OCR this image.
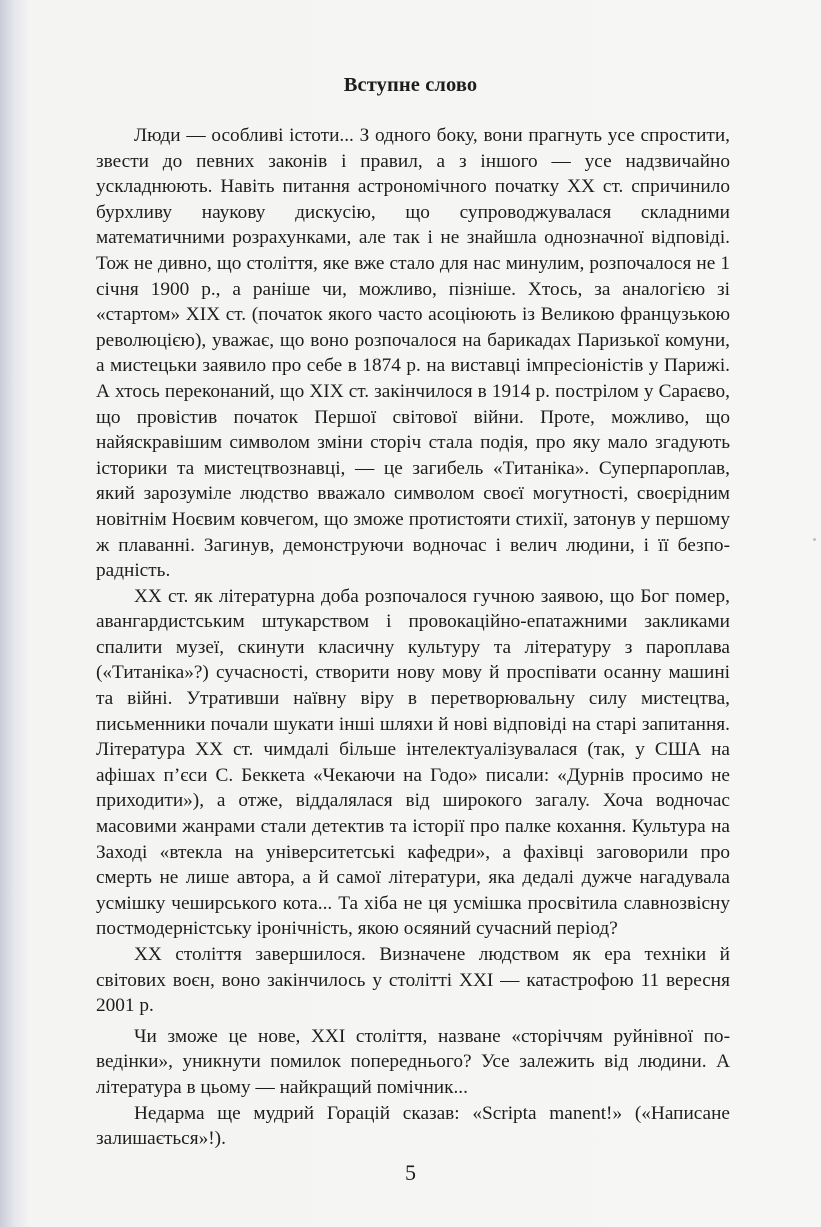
Вступне слово

Люди — особливі істоти... З одного боку, вони прагнуть усе спростити, звести до певних законів і правил, а з іншого — усе надзвичайно ускладнюють. Навіть питання астрономічного початку XX ст. спричинило бурхливу наукову дискусію, що супроводжувалася складними математичними розрахунками, але так і не знайшла однозначної відповіді. Тож не дивно, що століття, яке вже стало для нас минулим, розпочалося не 1 січня 1900 р., а раніше чи, можливо, пізніше. Хтось, за аналогією зі «стартом» XIX ст. (початок якого часто асоціюють із Великою французькою революцією), уважає, що воно розпочалося на барикадах Паризької комуни, а мистецьки заявило про себе в 1874 р. на виставці імпресіоністів у Парижі. А хтось переконаний, що XIX ст. закінчилося в 1914 р. пострілом у Сараєво, що провістив початок Першої світової війни. Проте, можливо, що найяскравішим символом зміни сторіч стала подія, про яку мало згадують історики та мистецтвознавці, — це загибель «Титаніка». Суперпароплав, який зарозуміле людство вважало символом своєї могутності, своєрідним новітнім Ноєвим ковчегом, що зможе протистояти стихії, затонув у першому ж плаванні. Загинув, демонструючи водночас і велич людини, і її безпорадність.

XX ст. як літературна доба розпочалося гучною заявою, що Бог помер, авангардистським штукарством і провокаційно-епатажними закликами спалити музеї, скинути класичну культуру та літературу з пароплава («Титаніка»?) сучасності, створити нову мову й проспівати осанну машині та війні. Утративши наївну віру в перетворювальну силу мистецтва, письменники почали шукати інші шляхи й нові відповіді на старі запитання. Література XX ст. чимдалі більше інтелектуалізувалася (так, у США на афішах п’єси С. Беккета «Чекаючи на Годо» писали: «Дурнів просимо не приходити»), а отже, віддалялася від широкого загалу. Хоча водночас масовими жанрами стали детектив та історії про палке кохання. Культура на Заході «втекла на університетські кафедри», а фахівці заговорили про смерть не лише автора, а й самої літератури, яка дедалі дужче нагадувала усмішку чеширського кота... Та хіба не ця усмішка просвітила славнозвісну постмодерністську іронічність, якою осяяний сучасний період?

XX століття завершилося. Визначене людством як ера техніки й світових воєн, воно закінчилось у столітті XXI — катастрофою 11 вересня 2001 р.

Чи зможе це нове, XXI століття, назване «сторіччям руйнівної поведінки», уникнути помилок попереднього? Усе залежить від людини. А література в цьому — найкращий помічник...

Недарма ще мудрий Горацій сказав: «Scripta manent!» («Написане залишається»!).

5
